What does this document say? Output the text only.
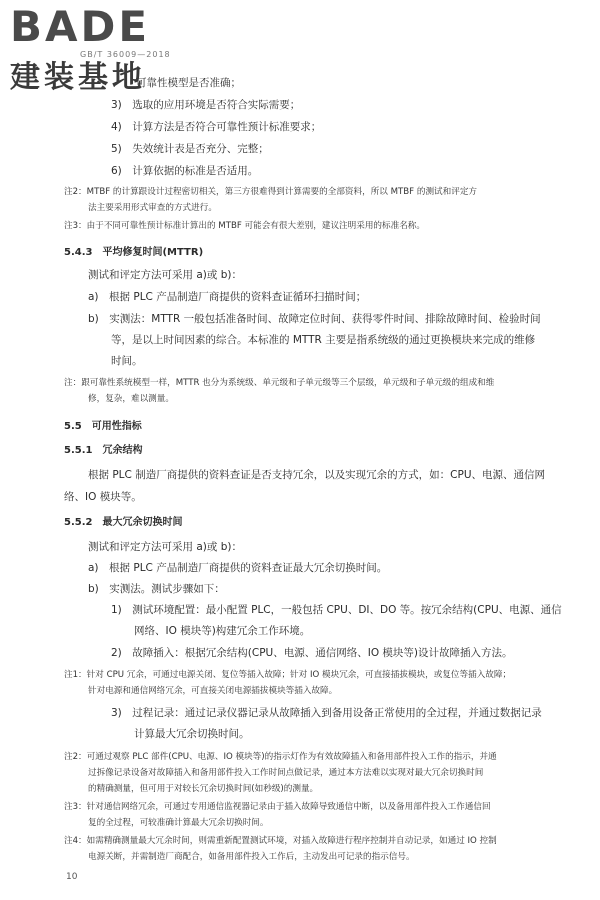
BADE
GB/T 36009—2018
建装基地
可靠性模型是否准确；
3)　选取的应用环境是否符合实际需要；
4)　计算方法是否符合可靠性预计标准要求；
5)　失效统计表是否充分、完整；
6)　计算依据的标准是否适用。
注2：MTBF 的计算跟设计过程密切相关，第三方很难得到计算需要的全部资料，所以 MTBF 的测试和评定方
法主要采用形式审查的方式进行。
注3：由于不同可靠性预计标准计算出的 MTBF 可能会有很大差别，建议注明采用的标准名称。
5.4.3　平均修复时间(MTTR)
测试和评定方法可采用 a)或 b)：
a)　根据 PLC 产品制造厂商提供的资料查证循环扫描时间；
b)　实测法：MTTR 一般包括准备时间、故障定位时间、获得零件时间、排除故障时间、检验时间
等，是以上时间因素的综合。本标准的 MTTR 主要是指系统级的通过更换模块来完成的维修
时间。
注：跟可靠性系统模型一样，MTTR 也分为系统级、单元级和子单元级等三个层级，单元级和子单元级的组成和维
修，复杂，难以测量。
5.5　可用性指标
5.5.1　冗余结构
根据 PLC 制造厂商提供的资料查证是否支持冗余，以及实现冗余的方式，如：CPU、电源、通信网
络、IO 模块等。
5.5.2　最大冗余切换时间
测试和评定方法可采用 a)或 b)：
a)　根据 PLC 产品制造厂商提供的资料查证最大冗余切换时间。
b)　实测法。测试步骤如下：
1)　测试环境配置：最小配置 PLC，一般包括 CPU、DI、DO 等。按冗余结构(CPU、电源、通信
网络、IO 模块等)构建冗余工作环境。
2)　故障插入：根据冗余结构(CPU、电源、通信网络、IO 模块等)设计故障插入方法。
注1：针对 CPU 冗余，可通过电源关闭、复位等插入故障；针对 IO 模块冗余，可直接插拔模块，或复位等插入故障；
针对电源和通信网络冗余，可直接关闭电源插拔模块等插入故障。
3)　过程记录：通过记录仪器记录从故障插入到备用设备正常使用的全过程，并通过数据记录
计算最大冗余切换时间。
注2：可通过观察 PLC 部件(CPU、电源、IO 模块等)的指示灯作为有效故障插入和备用部件投入工作的指示，并通
过拆像记录设备对故障插入和备用部件投入工作时间点做记录，通过本方法难以实现对最大冗余切换时间
的精确测量，但可用于对较长冗余切换时间(如秒级)的测量。
注3：针对通信网络冗余，可通过专用通信监视器记录由于插入故障导致通信中断，以及备用部件投入工作通信回
复的全过程，可较准确计算最大冗余切换时间。
注4：如需精确测量最大冗余时间，则需重新配置测试环境，对插入故障进行程序控制并自动记录，如通过 IO 控制
电源关断，并需制造厂商配合，如备用部件投入工作后，主动发出可记录的指示信号。
10
